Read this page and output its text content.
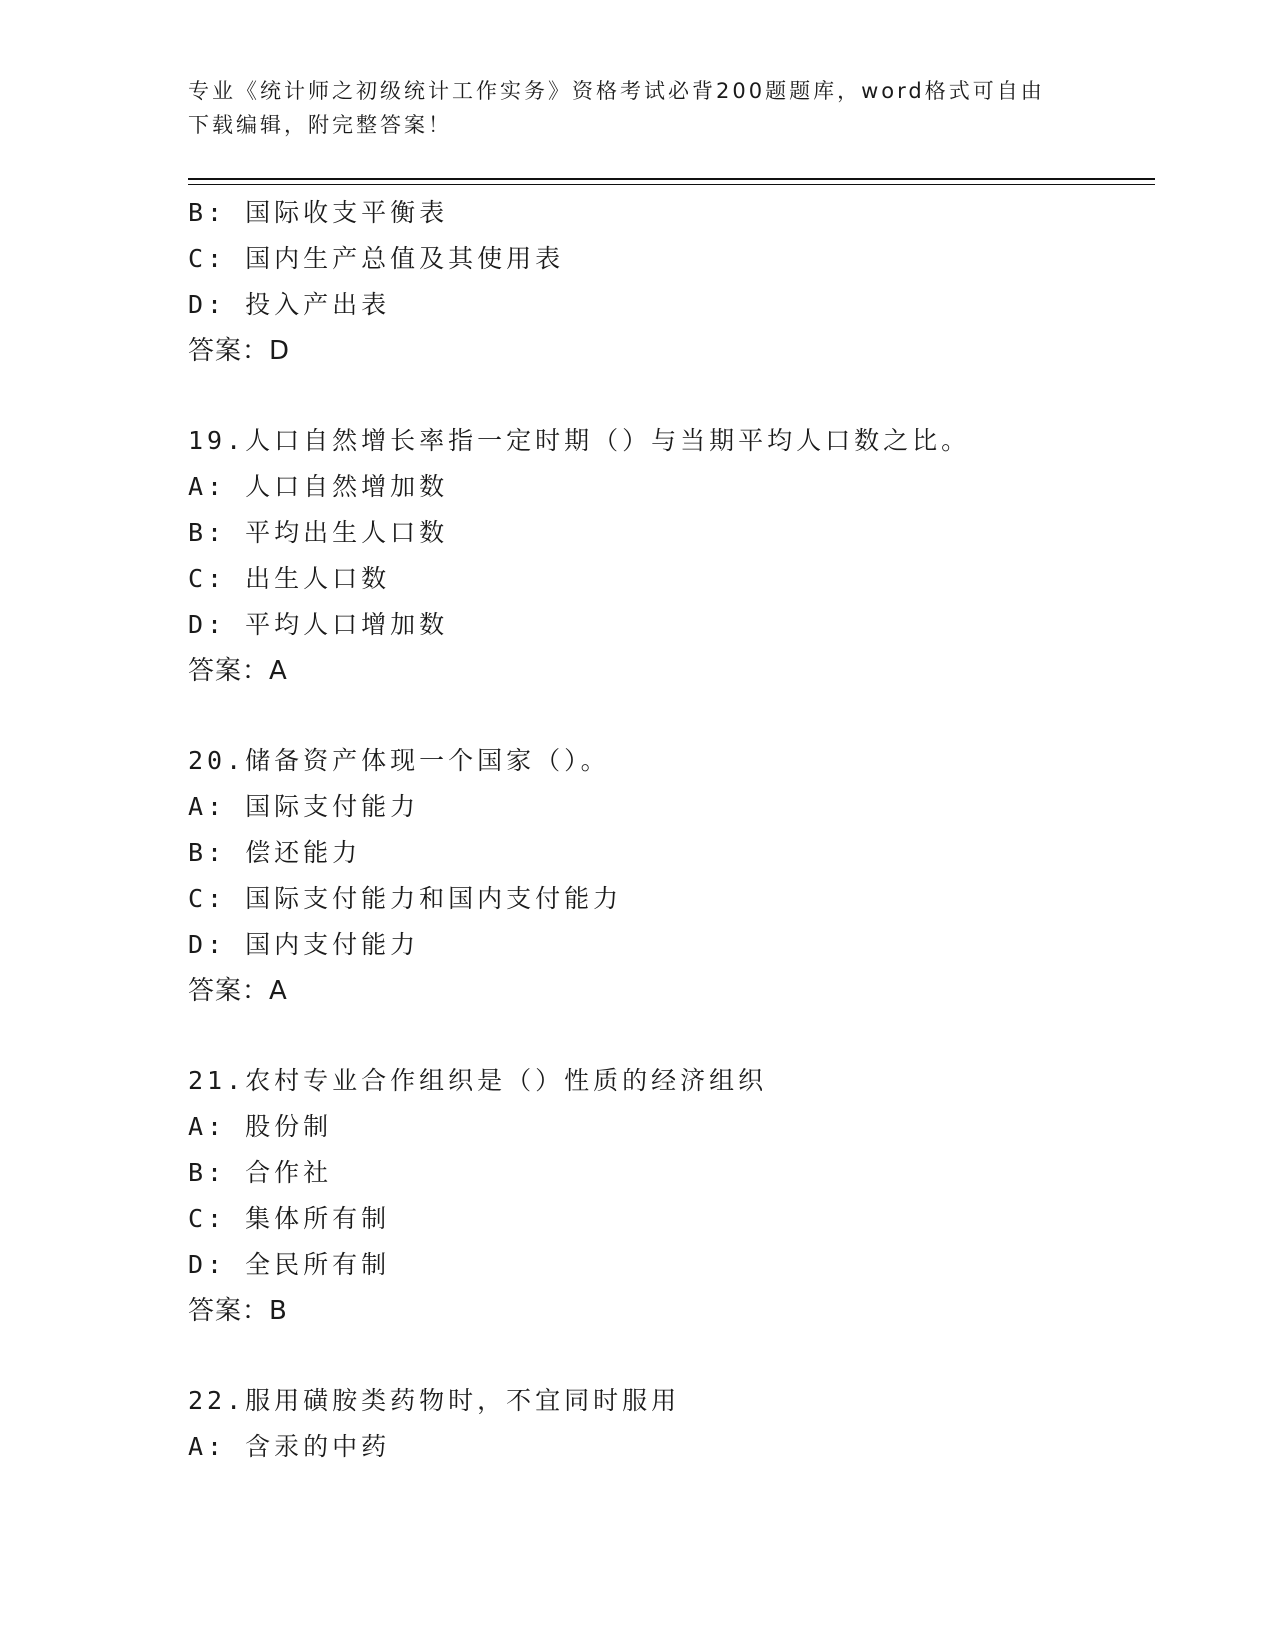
专业《统计师之初级统计工作实务》资格考试必背200题题库，word格式可自由
下载编辑，附完整答案！
B: 国际收支平衡表
C: 国内生产总值及其使用表
D: 投入产出表
答案：D
19.人口自然增长率指一定时期（）与当期平均人口数之比。
A: 人口自然增加数
B: 平均出生人口数
C: 出生人口数
D: 平均人口增加数
答案：A
20.储备资产体现一个国家（）。
A: 国际支付能力
B: 偿还能力
C: 国际支付能力和国内支付能力
D: 国内支付能力
答案：A
21.农村专业合作组织是（）性质的经济组织
A: 股份制
B: 合作社
C: 集体所有制
D: 全民所有制
答案：B
22.服用磺胺类药物时，不宜同时服用
A: 含汞的中药
